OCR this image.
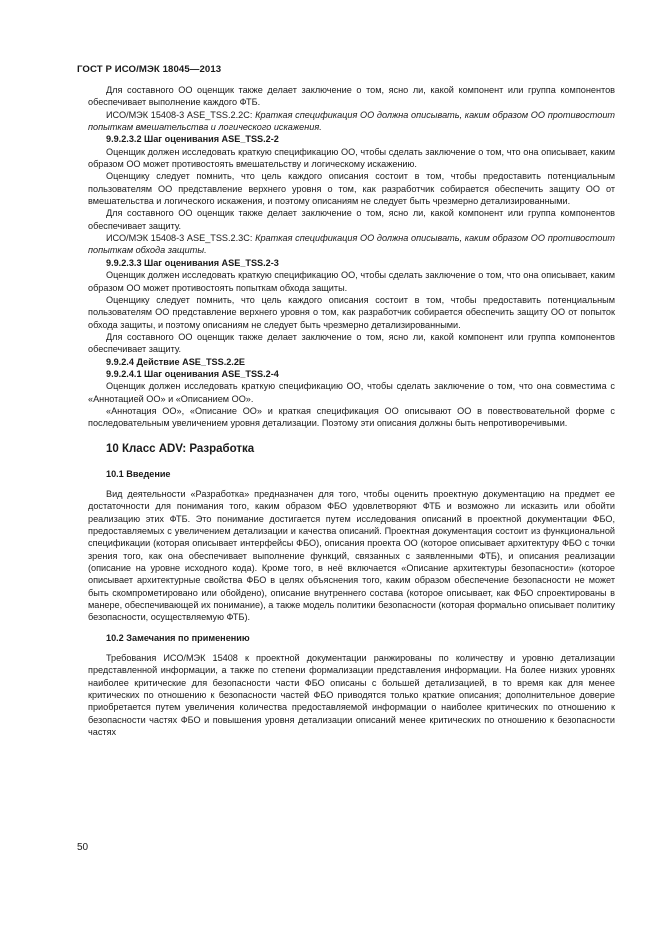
ГОСТ Р ИСО/МЭК 18045—2013
Для составного ОО оценщик также делает заключение о том, ясно ли, какой компонент или группа компонентов обеспечивает выполнение каждого ФТБ.
ИСО/МЭК 15408-3 ASE_TSS.2.2С: Краткая спецификация ОО должна описывать, каким образом ОО противостоит попыткам вмешательства и логического искажения.
9.9.2.3.2 Шаг оценивания ASE_TSS.2-2
Оценщик должен исследовать краткую спецификацию ОО, чтобы сделать заключение о том, что она описывает, каким образом ОО может противостоять вмешательству и логическому искажению.
Оценщику следует помнить, что цель каждого описания состоит в том, чтобы предоставить потенциальным пользователям ОО представление верхнего уровня о том, как разработчик собирается обеспечить защиту ОО от вмешательства и логического искажения, и поэтому описаниям не следует быть чрезмерно детализированными.
Для составного ОО оценщик также делает заключение о том, ясно ли, какой компонент или группа компонентов обеспечивает защиту.
ИСО/МЭК 15408-3 ASE_TSS.2.3С: Краткая спецификация ОО должна описывать, каким образом ОО противостоит попыткам обхода защиты.
9.9.2.3.3 Шаг оценивания ASE_TSS.2-3
Оценщик должен исследовать краткую спецификацию ОО, чтобы сделать заключение о том, что она описывает, каким образом ОО может противостоять попыткам обхода защиты.
Оценщику следует помнить, что цель каждого описания состоит в том, чтобы предоставить потенциальным пользователям ОО представление верхнего уровня о том, как разработчик собирается обеспечить защиту ОО от попыток обхода защиты, и поэтому описаниям не следует быть чрезмерно детализированными.
Для составного ОО оценщик также делает заключение о том, ясно ли, какой компонент или группа компонентов обеспечивает защиту.
9.9.2.4 Действие ASE_TSS.2.2E
9.9.2.4.1 Шаг оценивания ASE_TSS.2-4
Оценщик должен исследовать краткую спецификацию ОО, чтобы сделать заключение о том, что она совместима с «Аннотацией ОО» и «Описанием ОО».
«Аннотация ОО», «Описание ОО» и краткая спецификация ОО описывают ОО в повествовательной форме с последовательным увеличением уровня детализации. Поэтому эти описания должны быть непротиворечивыми.
10 Класс ADV: Разработка
10.1 Введение
Вид деятельности «Разработка» предназначен для того, чтобы оценить проектную документацию на предмет ее достаточности для понимания того, каким образом ФБО удовлетворяют ФТБ и возможно ли исказить или обойти реализацию этих ФТБ. Это понимание достигается путем исследования описаний в проектной документации ФБО, предоставляемых с увеличением детализации и качества описаний. Проектная документация состоит из функциональной спецификации (которая описывает интерфейсы ФБО), описания проекта ОО (которое описывает архитектуру ФБО с точки зрения того, как она обеспечивает выполнение функций, связанных с заявленными ФТБ), и описания реализации (описание на уровне исходного кода). Кроме того, в неё включается «Описание архитектуры безопасности» (которое описывает архитектурные свойства ФБО в целях объяснения того, каким образом обеспечение безопасности не может быть скомпрометировано или обойдено), описание внутреннего состава (которое описывает, как ФБО спроектированы в манере, обеспечивающей их понимание), а также модель политики безопасности (которая формально описывает политику безопасности, осуществляемую ФТБ).
10.2 Замечания по применению
Требования ИСО/МЭК 15408 к проектной документации ранжированы по количеству и уровню детализации представленной информации, а также по степени формализации представления информации. На более низких уровнях наиболее критические для безопасности части ФБО описаны с большей детализацией, в то время как для менее критических по отношению к безопасности частей ФБО приводятся только краткие описания; дополнительное доверие приобретается путем увеличения количества предоставляемой информации о наиболее критических по отношению к безопасности частях ФБО и повышения уровня детализации описаний менее критических по отношению к безопасности частях
50
